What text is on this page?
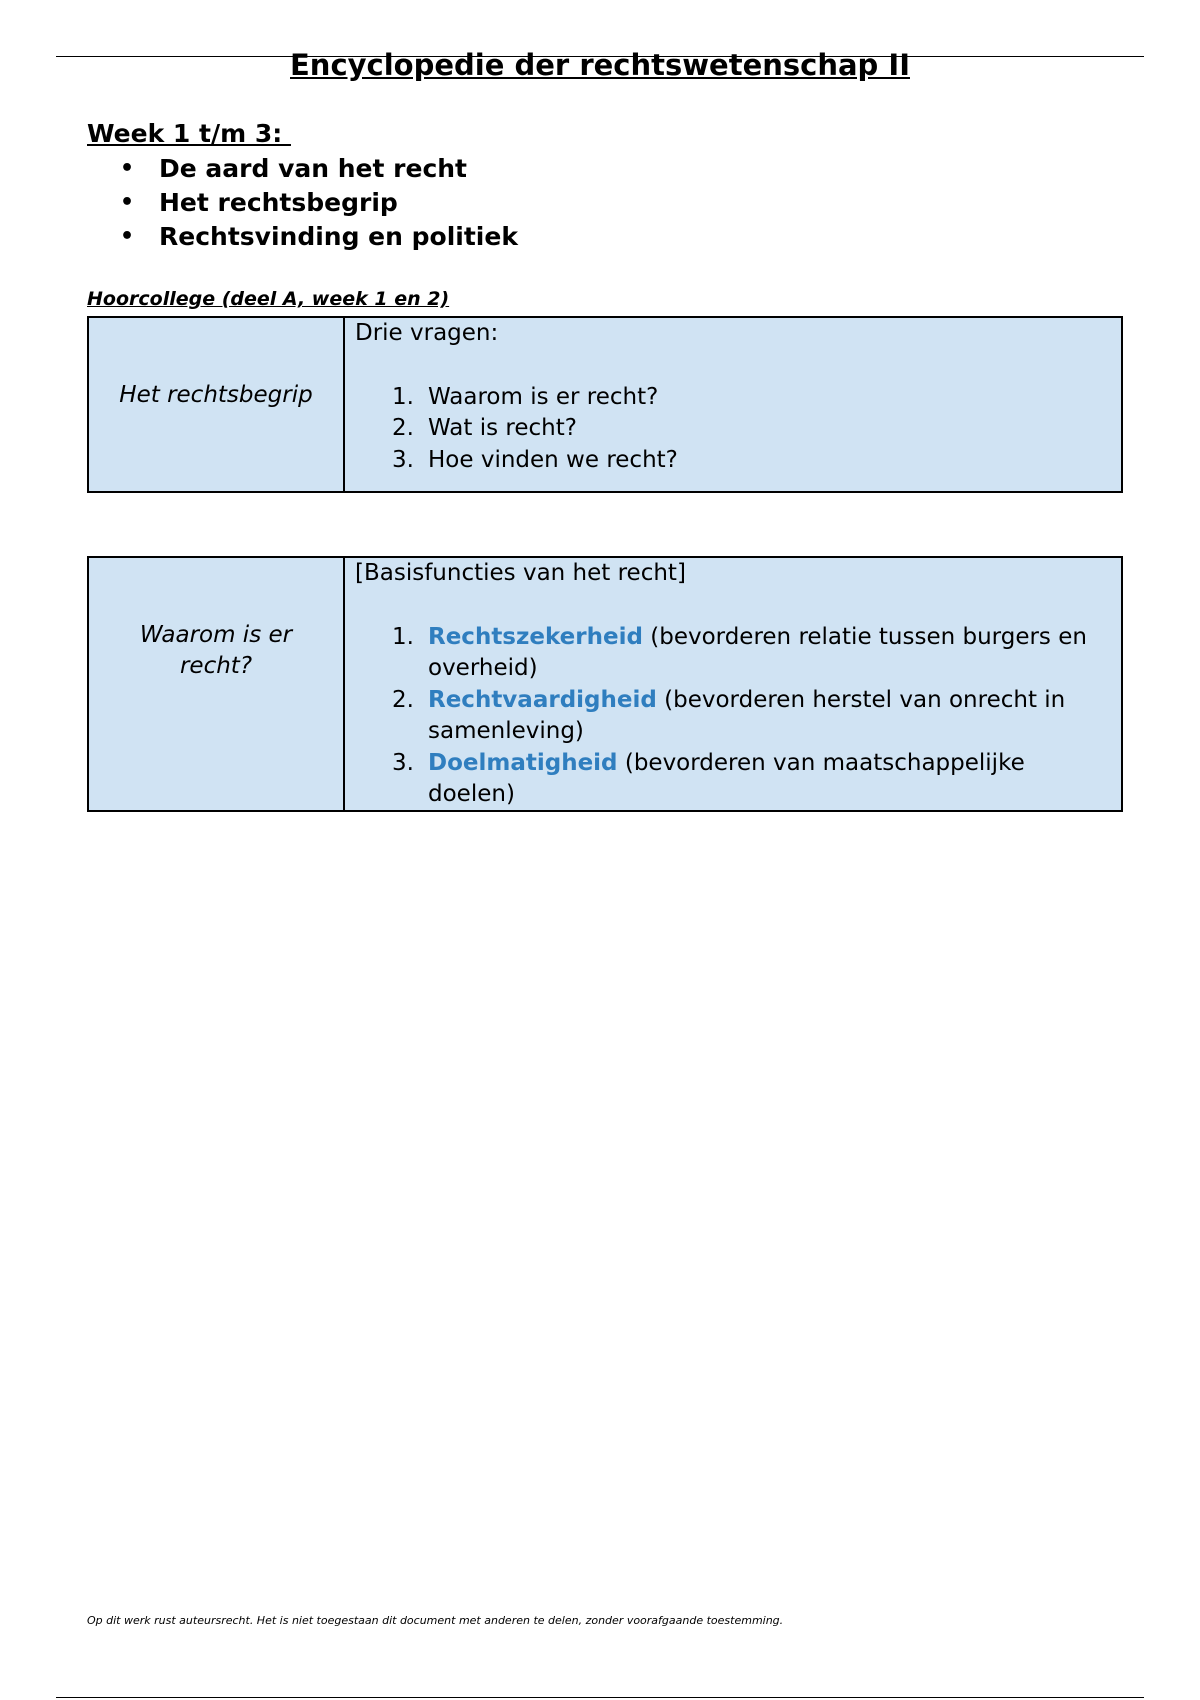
Encyclopedie der rechtswetenschap II
Week 1 t/m 3:
• De aard van het recht
• Het rechtsbegrip
• Rechtsvinding en politiek

Hoorcollege (deel A, week 1 en 2)

Het rechtsbegrip

Drie vragen:

1. Waarom is er recht?
2. Wat is recht?
3. Hoe vinden we recht?
Waarom is er recht?

[Basisfuncties van het recht]

1. Rechtszekerheid (bevorderen relatie tussen burgers en overheid)
2. Rechtvaardigheid (bevorderen herstel van onrecht in samenleving)
3. Doelmatigheid (bevorderen van maatschappelijke doelen)

Op dit werk rust auteursrecht. Het is niet toegestaan dit document met anderen te delen, zonder voorafgaande toestemming.
